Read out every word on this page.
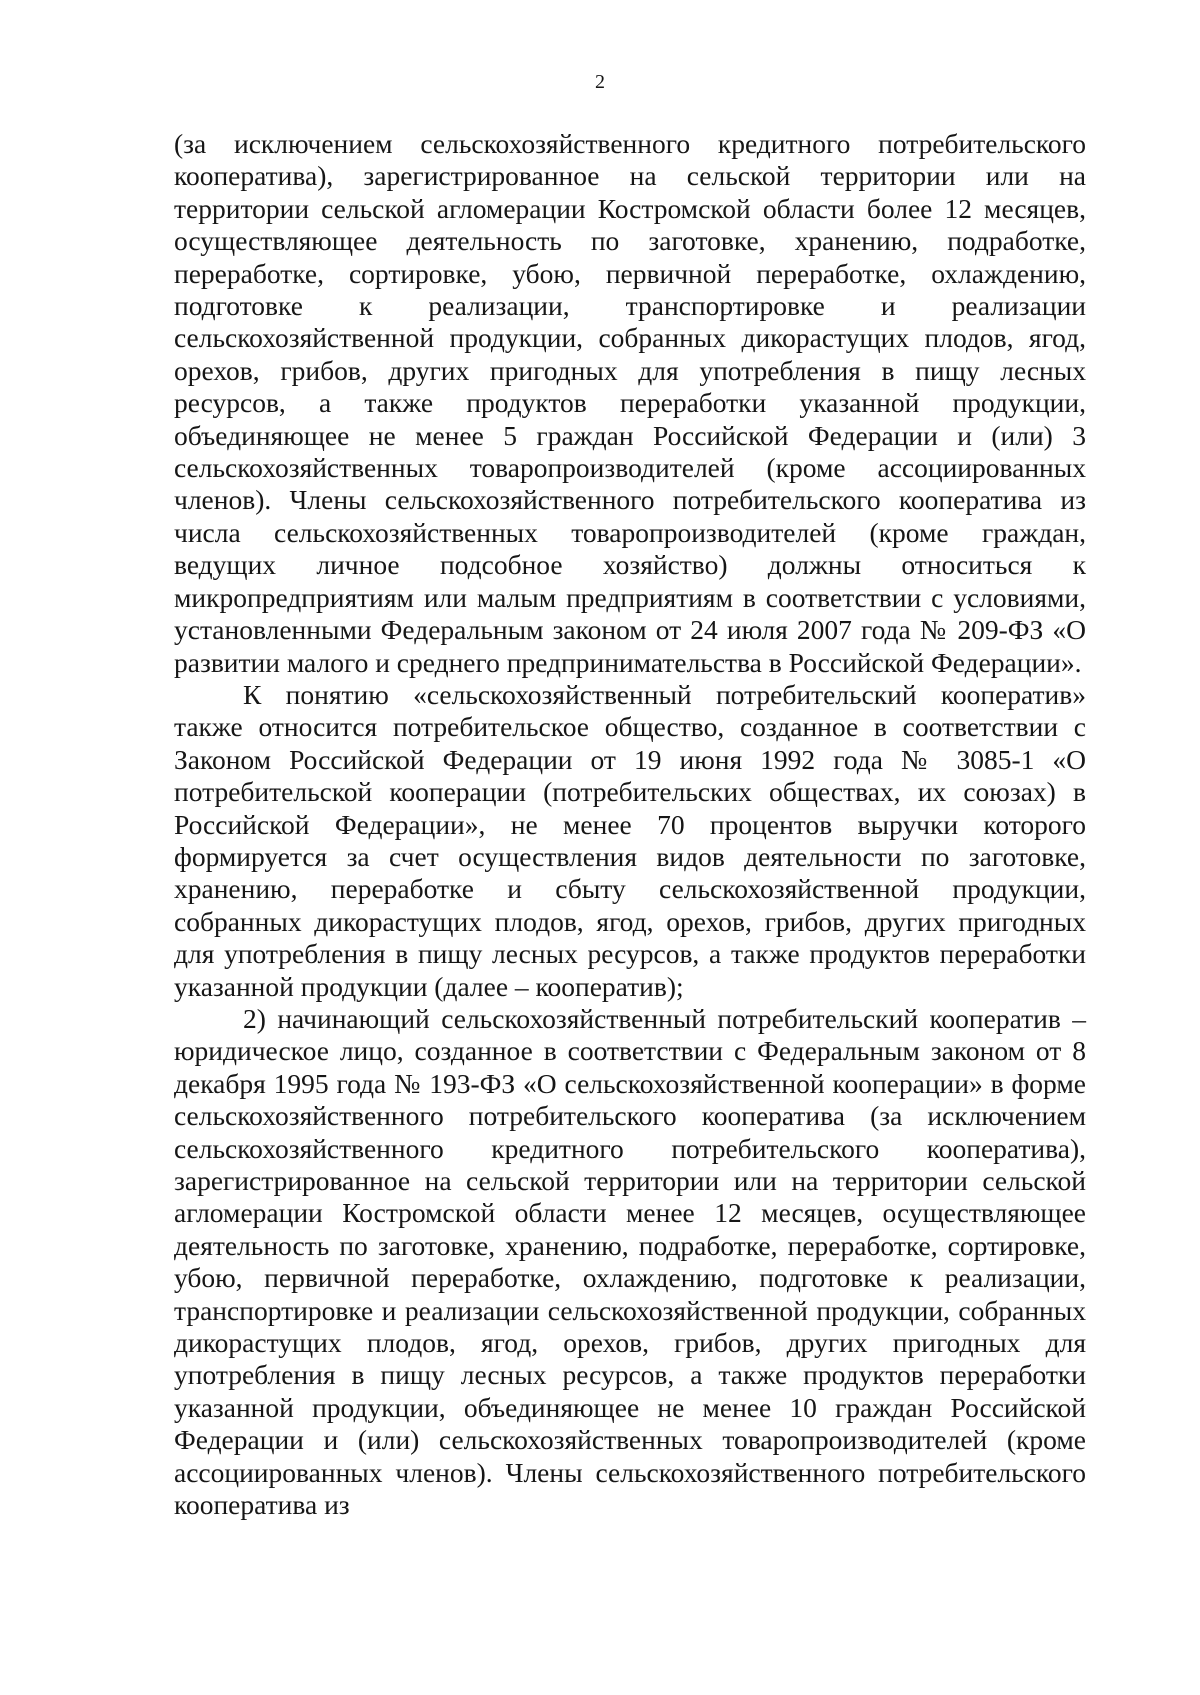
2

(за исключением сельскохозяйственного кредитного потребительского кооператива), зарегистрированное на сельской территории или на территории сельской агломерации Костромской области более 12 месяцев, осуществляющее деятельность по заготовке, хранению, подработке, переработке, сортировке, убою, первичной переработке, охлаждению, подготовке к реализации, транспортировке и реализации сельскохозяйственной продукции, собранных дикорастущих плодов, ягод, орехов, грибов, других пригодных для употребления в пищу лесных ресурсов, а также продуктов переработки указанной продукции, объединяющее не менее 5 граждан Российской Федерации и (или) 3 сельскохозяйственных товаропроизводителей (кроме ассоциированных членов). Члены сельскохозяйственного потребительского кооператива из числа сельскохозяйственных товаропроизводителей (кроме граждан, ведущих личное подсобное хозяйство) должны относиться к микропредприятиям или малым предприятиям в соответствии с условиями, установленными Федеральным законом от 24 июля 2007 года № 209-ФЗ «О развитии малого и среднего предпринимательства в Российской Федерации».

К понятию «сельскохозяйственный потребительский кооператив» также относится потребительское общество, созданное в соответствии с Законом Российской Федерации от 19 июня 1992 года № 3085-1 «О потребительской кооперации (потребительских обществах, их союзах) в Российской Федерации», не менее 70 процентов выручки которого формируется за счет осуществления видов деятельности по заготовке, хранению, переработке и сбыту сельскохозяйственной продукции, собранных дикорастущих плодов, ягод, орехов, грибов, других пригодных для употребления в пищу лесных ресурсов, а также продуктов переработки указанной продукции (далее – кооператив);

2) начинающий сельскохозяйственный потребительский кооператив – юридическое лицо, созданное в соответствии с Федеральным законом от 8 декабря 1995 года № 193-ФЗ «О сельскохозяйственной кооперации» в форме сельскохозяйственного потребительского кооператива (за исключением сельскохозяйственного кредитного потребительского кооператива), зарегистрированное на сельской территории или на территории сельской агломерации Костромской области менее 12 месяцев, осуществляющее деятельность по заготовке, хранению, подработке, переработке, сортировке, убою, первичной переработке, охлаждению, подготовке к реализации, транспортировке и реализации сельскохозяйственной продукции, собранных дикорастущих плодов, ягод, орехов, грибов, других пригодных для употребления в пищу лесных ресурсов, а также продуктов переработки указанной продукции, объединяющее не менее 10 граждан Российской Федерации и (или) сельскохозяйственных товаропроизводителей (кроме ассоциированных членов). Члены сельскохозяйственного потребительского кооператива из
